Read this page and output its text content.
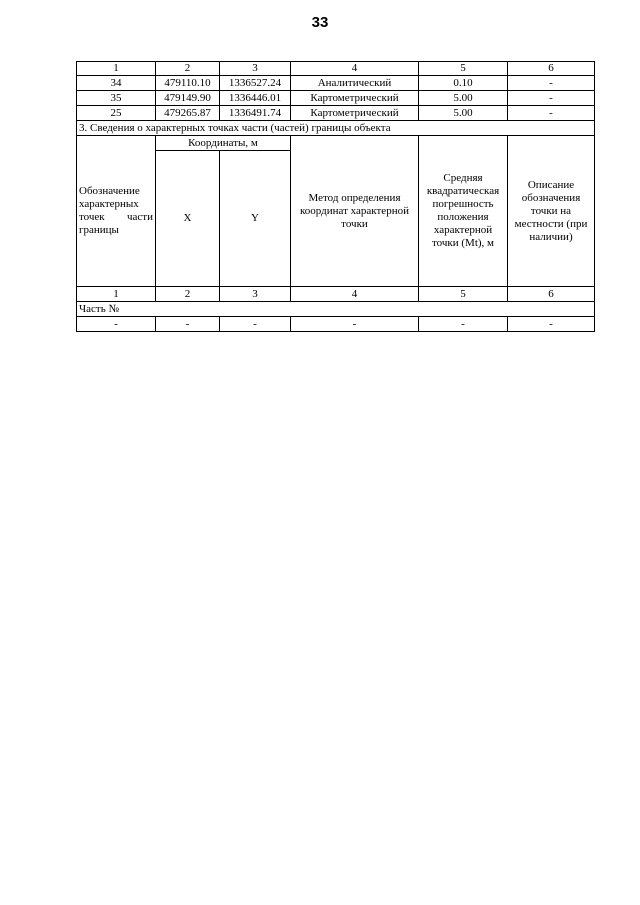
33
1	2	3	4	5	6
34	479110.10	1336527.24	Аналитический	0.10	-
35	479149.90	1336446.01	Картометрический	5.00	-
25	479265.87	1336491.74	Картометрический	5.00	-
3. Сведения о характерных точках части (частей) границы объекта					
Обозначение характерных точек части границы	Координаты, м		Метод определения координат характерной точки	Средняя квадратическая погрешность положения характерной точки (Mt), м	Описание обозначения точки на местности (при наличии)
	X	Y			
1	2	3	4	5	6
Часть №					
-	-	-	-	-	-
